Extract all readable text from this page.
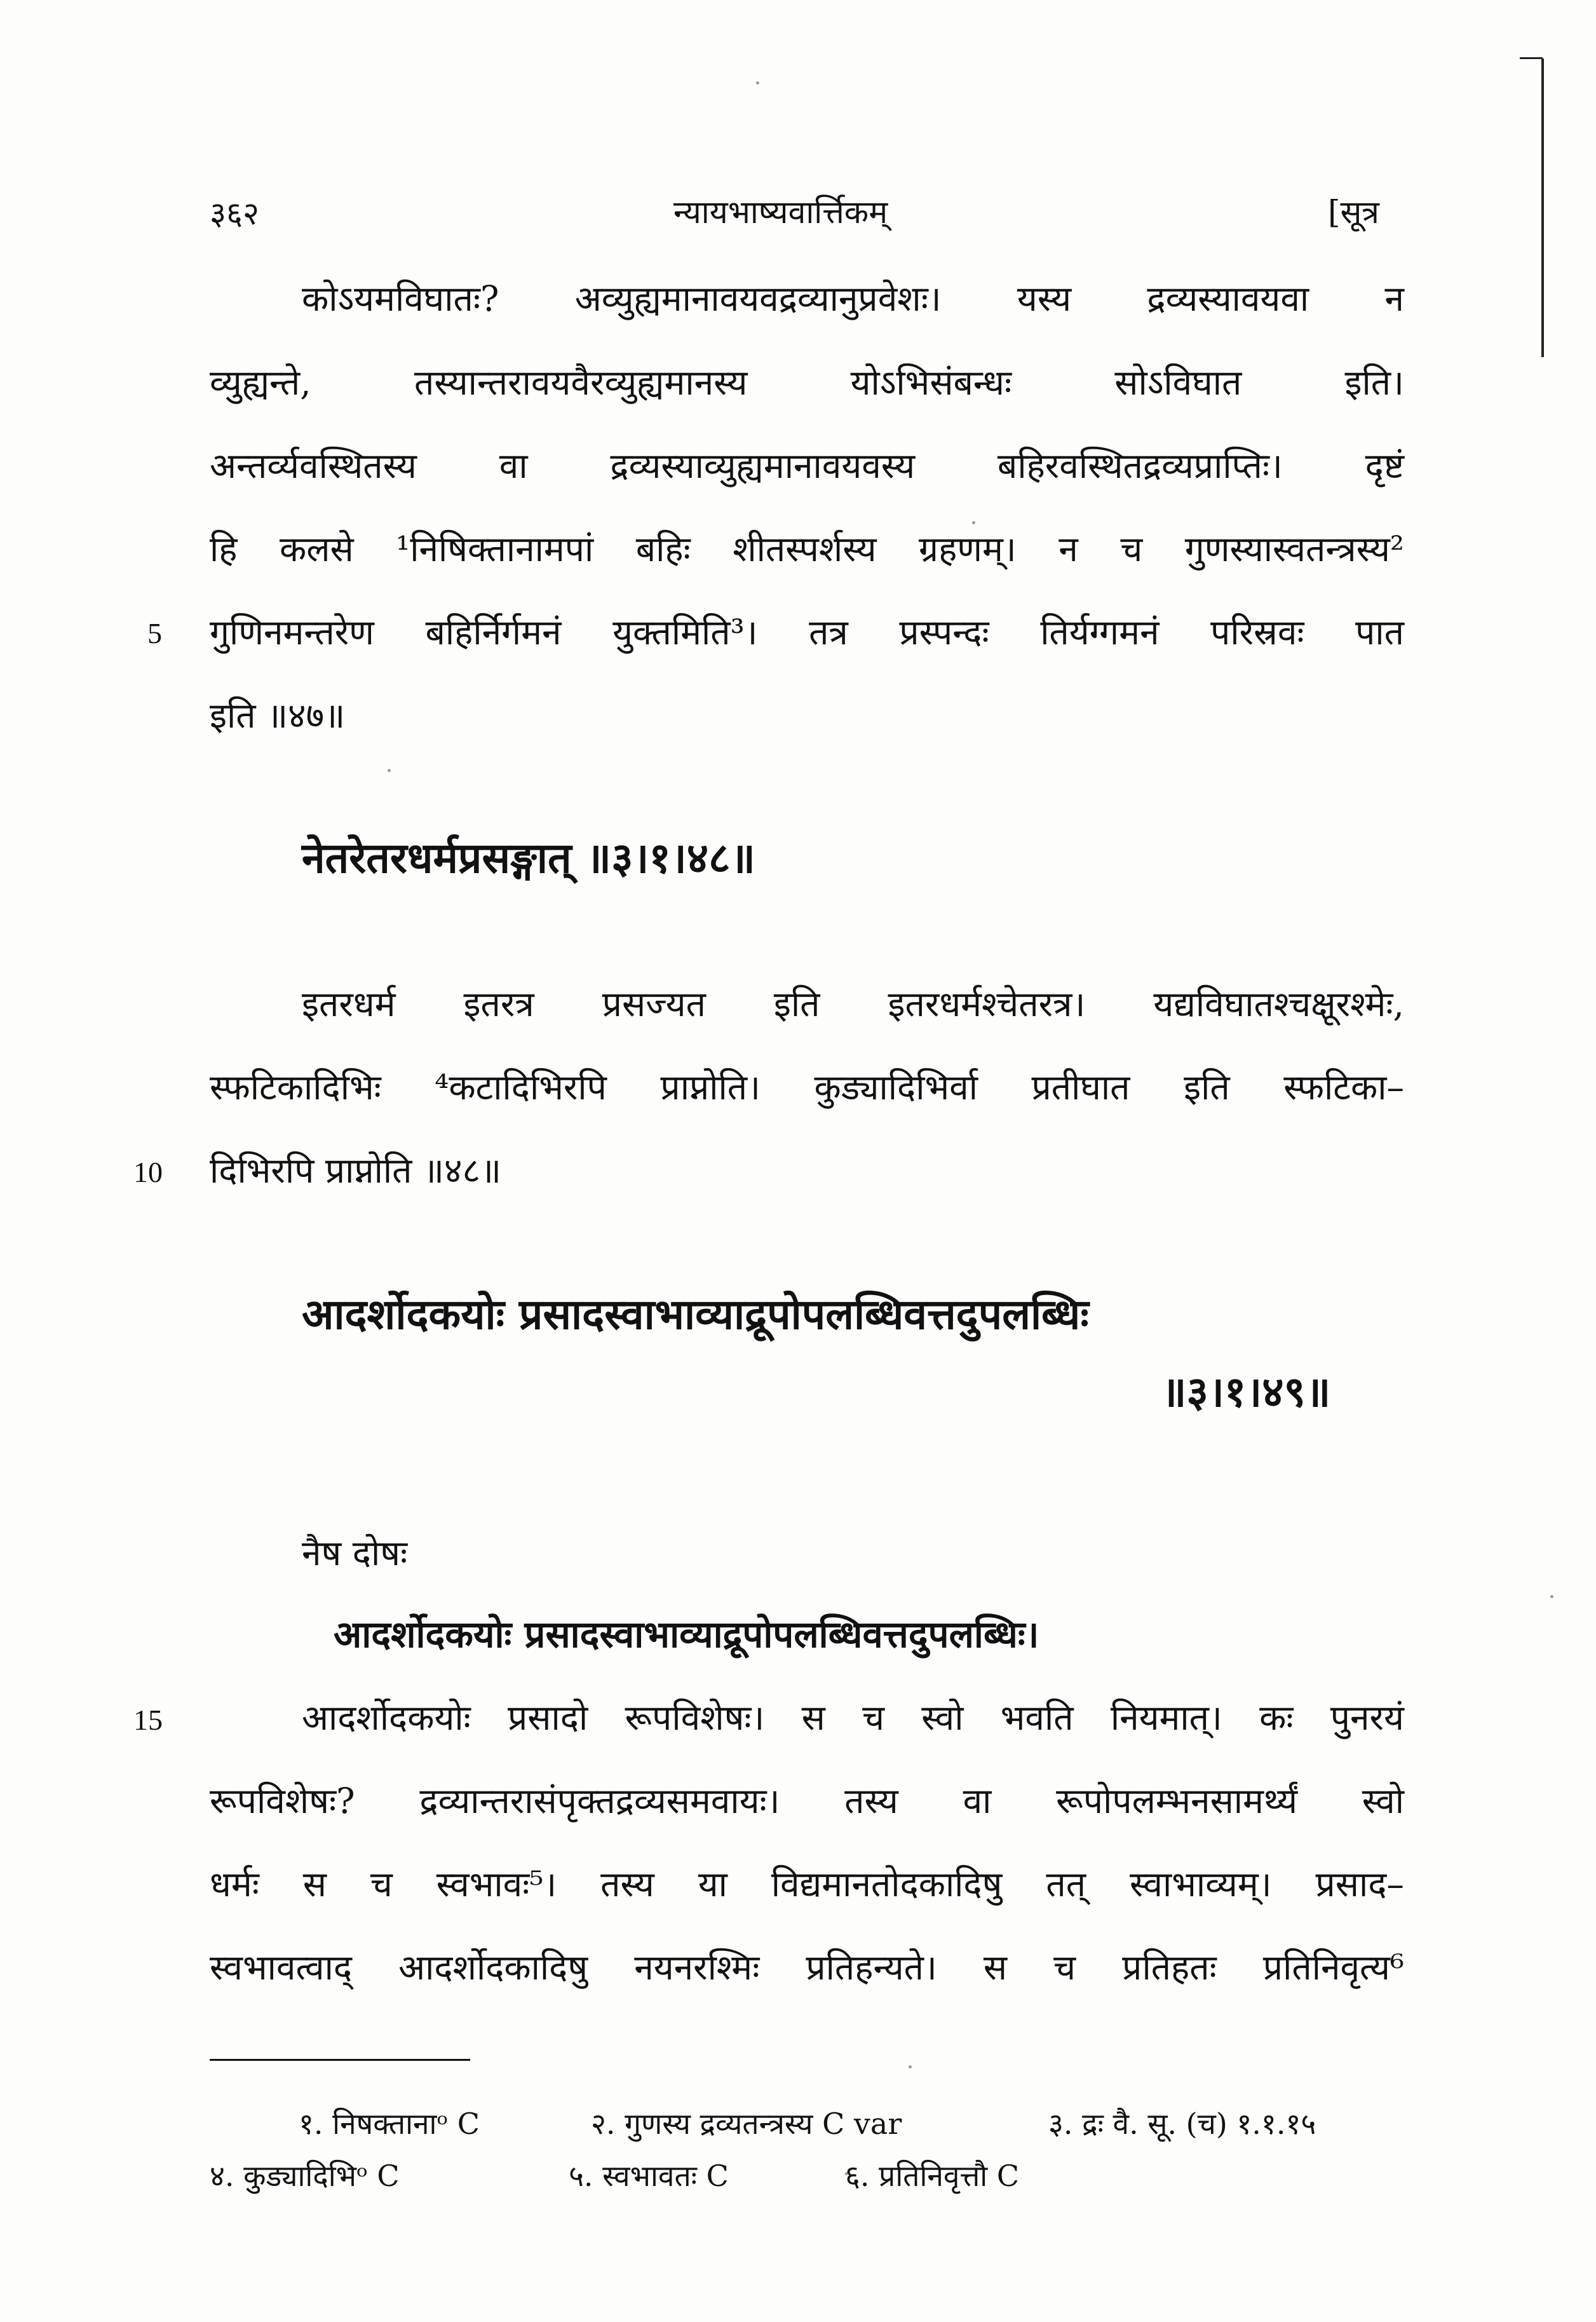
३६२	न्यायभाष्यवार्त्तिकम्	[सूत्र
कोऽयमविघातः? अव्युह्यमानावयवद्रव्यानुप्रवेशः। यस्य द्रव्यस्यावयवा न
व्युह्यन्ते,	तस्यान्तरावयवैरव्युह्यमानस्य	योऽभिसंबन्धः	सोऽविघात	इति।
अन्तर्व्यवस्थितस्य वा द्रव्यस्याव्युह्यमानावयवस्य बहिरवस्थितद्रव्यप्राप्तिः। दृष्टं
हि कलसे ¹निषिक्तानामपां बहिः शीतस्पर्शस्य ग्रहणम्। न च गुणस्यास्वतन्त्रस्य²
गुणिनमन्तरेण बहिर्निर्गमनं युक्तमिति³। तत्र प्रस्पन्दः तिर्यग्गमनं परिस्रवः पात
इति ॥४७॥
5
नेतरेतरधर्मप्रसङ्गात् ॥३।१।४८॥
इतरधर्म इतरत्र प्रसज्यत इति इतरधर्मश्चेतरत्र। यद्यविघातश्चक्षूरश्मेः,
स्फटिकादिभिः ⁴कटादिभिरपि प्राप्नोति। कुड्यादिभिर्वा प्रतीघात इति स्फटिका–
दिभिरपि प्राप्नोति ॥४८॥
10
आदर्शोदकयोः प्रसादस्वाभाव्याद्रूपोपलब्धिवत्तदुपलब्धिः
॥३।१।४९॥
नैष दोषः
आदर्शोदकयोः प्रसादस्वाभाव्याद्रूपोपलब्धिवत्तदुपलब्धिः।
आदर्शोदकयोः प्रसादो रूपविशेषः। स च स्वो भवति नियमात्। कः पुनरयं
रूपविशेषः? द्रव्यान्तरासंपृक्तद्रव्यसमवायः। तस्य वा रूपोपलम्भनसामर्थ्यं स्वो
धर्मः स च स्वभावः⁵। तस्य या विद्यमानतोदकादिषु तत् स्वाभाव्यम्। प्रसाद–
स्वभावत्वाद् आदर्शोदकादिषु नयनरश्मिः प्रतिहन्यते। स च प्रतिहतः प्रतिनिवृत्य⁶
15
१. निषक्तानाᵒ C	२. गुणस्य द्रव्यतन्त्रस्य C var	३. द्रः वै. सू. (च) १.१.१५
४. कुड्यादिभिᵒ C	५. स्वभावतः C	६. प्रतिनिवृत्तौ C
